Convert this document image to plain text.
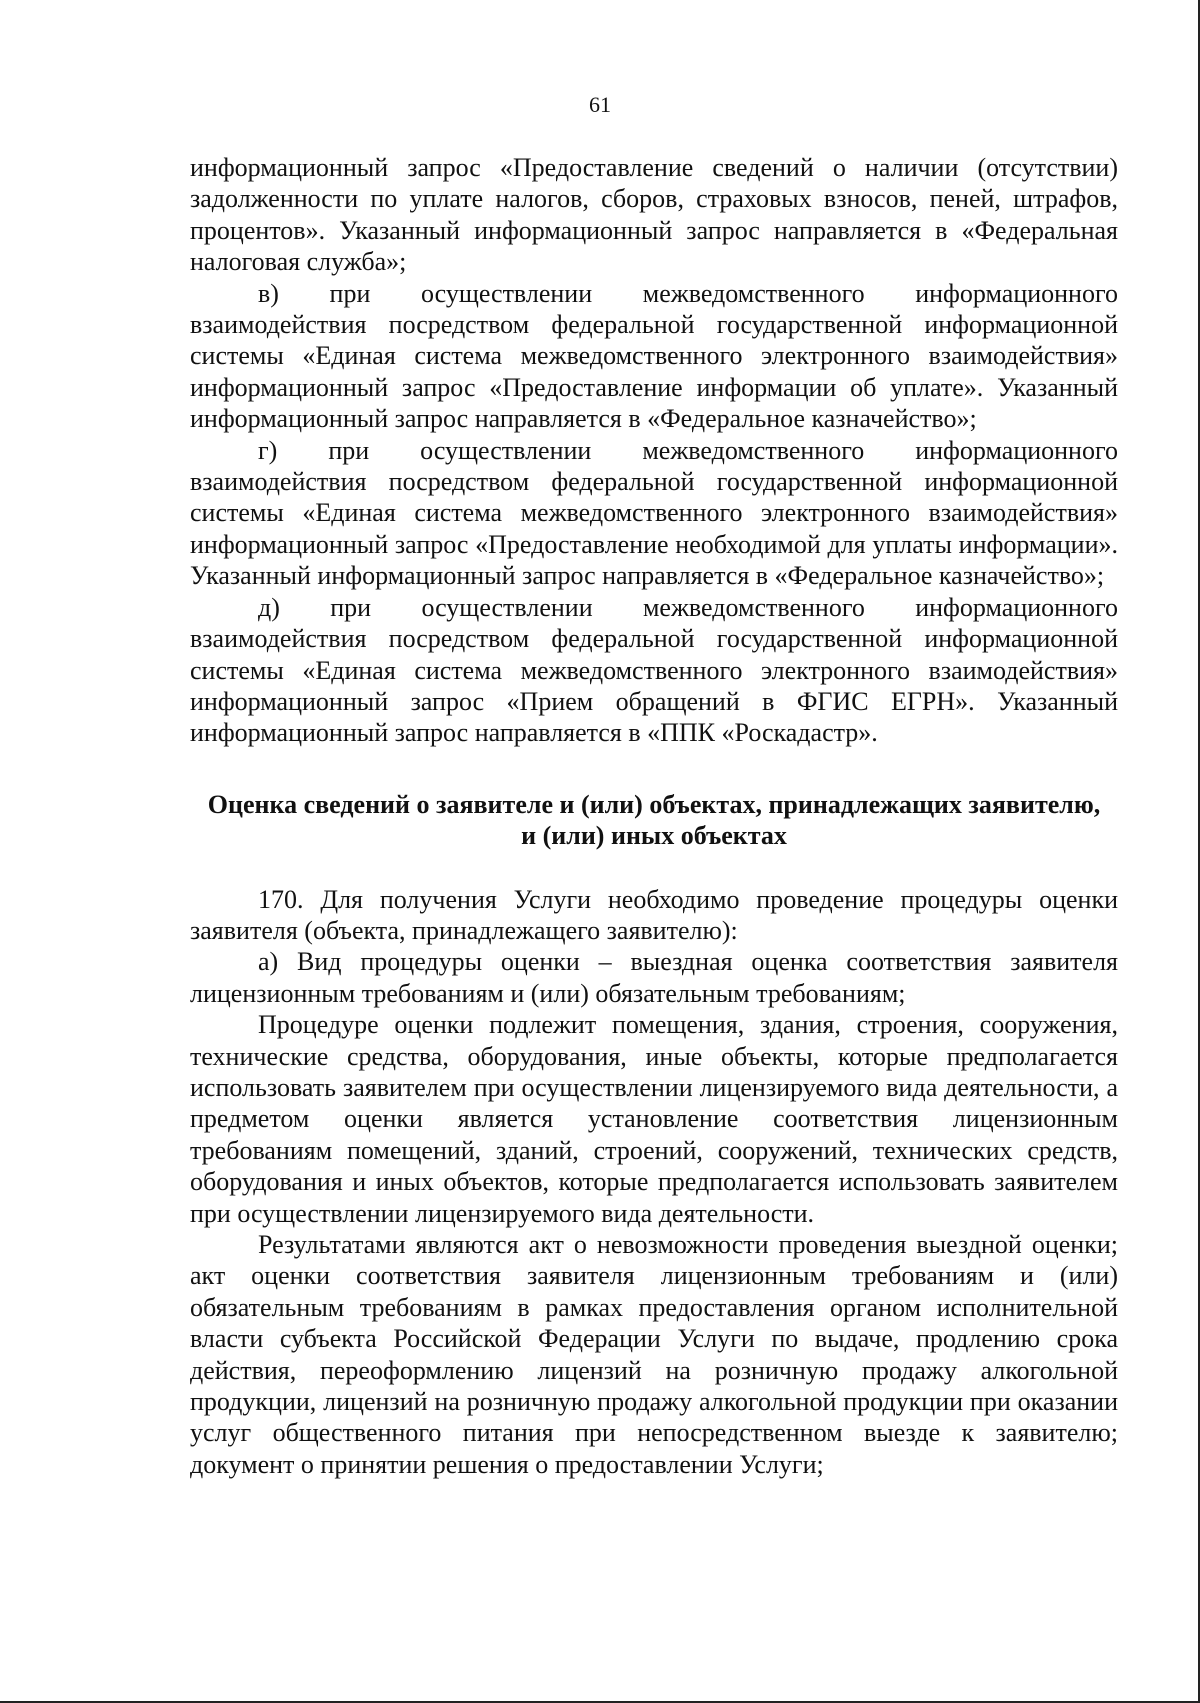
61

информационный запрос «Предоставление сведений о наличии (отсутствии) задолженности по уплате налогов, сборов, страховых взносов, пеней, штрафов, процентов». Указанный информационный запрос направляется в «Федеральная налоговая служба»;

в) при осуществлении межведомственного информационного взаимодействия посредством федеральной государственной информационной системы «Единая система межведомственного электронного взаимодействия» информационный запрос «Предоставление информации об уплате». Указанный информационный запрос направляется в «Федеральное казначейство»;

г) при осуществлении межведомственного информационного взаимодействия посредством федеральной государственной информационной системы «Единая система межведомственного электронного взаимодействия» информационный запрос «Предоставление необходимой для уплаты информации». Указанный информационный запрос направляется в «Федеральное казначейство»;

д) при осуществлении межведомственного информационного взаимодействия посредством федеральной государственной информационной системы «Единая система межведомственного электронного взаимодействия» информационный запрос «Прием обращений в ФГИС ЕГРН». Указанный информационный запрос направляется в «ППК «Роскадастр».

Оценка сведений о заявителе и (или) объектах, принадлежащих заявителю,
и (или) иных объектах

170. Для получения Услуги необходимо проведение процедуры оценки заявителя (объекта, принадлежащего заявителю):

а) Вид процедуры оценки – выездная оценка соответствия заявителя лицензионным требованиям и (или) обязательным требованиям;

Процедуре оценки подлежит помещения, здания, строения, сооружения, технические средства, оборудования, иные объекты, которые предполагается использовать заявителем при осуществлении лицензируемого вида деятельности, а предметом оценки является установление соответствия лицензионным требованиям помещений, зданий, строений, сооружений, технических средств, оборудования и иных объектов, которые предполагается использовать заявителем при осуществлении лицензируемого вида деятельности.

Результатами являются акт о невозможности проведения выездной оценки; акт оценки соответствия заявителя лицензионным требованиям и (или) обязательным требованиям в рамках предоставления органом исполнительной власти субъекта Российской Федерации Услуги по выдаче, продлению срока действия, переоформлению лицензий на розничную продажу алкогольной продукции, лицензий на розничную продажу алкогольной продукции при оказании услуг общественного питания при непосредственном выезде к заявителю; документ о принятии решения о предоставлении Услуги;
